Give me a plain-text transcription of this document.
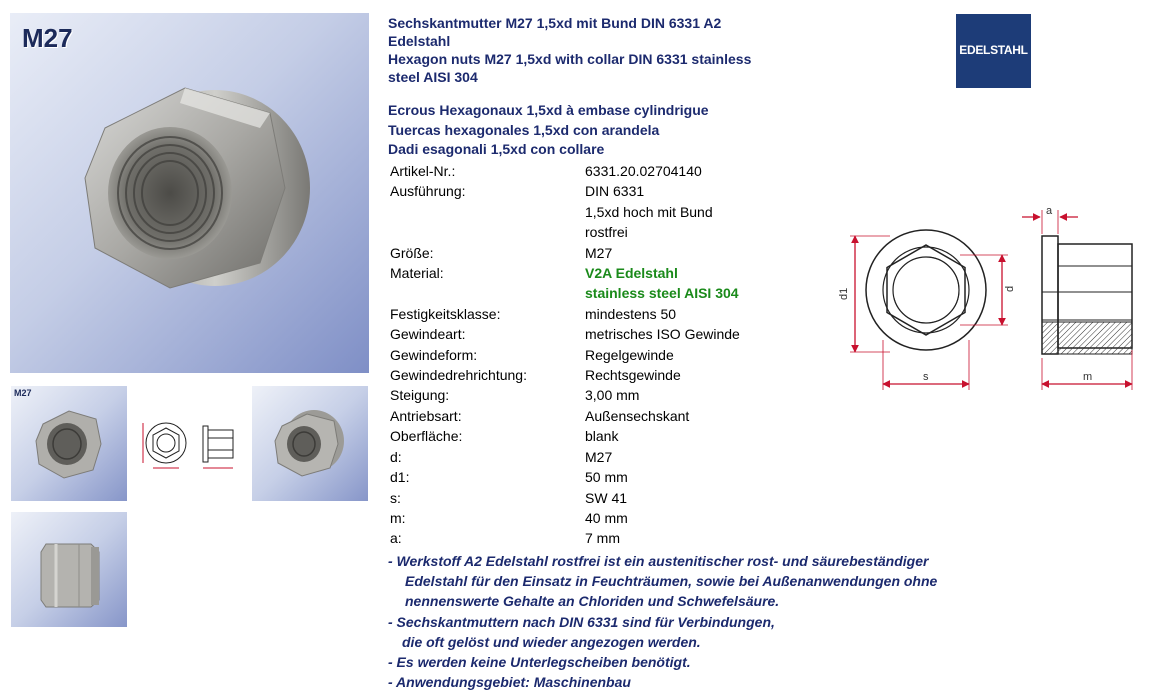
M27
M27
Sechskantmutter M27 1,5xd mit Bund DIN 6331 A2
Edelstahl
Hexagon nuts M27 1,5xd with collar DIN 6331 stainless
steel AISI 304
EDELSTAHL
Ecrous Hexagonaux 1,5xd à embase cylindrigue
Tuercas hexagonales 1,5xd con arandela
Dadi esagonali 1,5xd con collare
Artikel-Nr.:	6331.20.02704140
Ausführung:	DIN 6331
1,5xd hoch mit Bund
rostfrei
Größe:	M27
Material:	V2A Edelstahl
stainless steel AISI 304
Festigkeitsklasse:	mindestens 50
Gewindeart:	metrisches ISO Gewinde
Gewindeform:	Regelgewinde
Gewindedrehrichtung:	Rechtsgewinde
Steigung:	3,00 mm
Antriebsart:	Außensechskant
Oberfläche:	blank
d:	M27
d1:	50 mm
s:	SW 41
m:	40 mm
a:	7 mm
d1	d
s	m
a
- Werkstoff A2 Edelstahl rostfrei ist ein austenitischer rost- und säurebeständiger
Edelstahl für den Einsatz in Feuchträumen, sowie bei Außenanwendungen ohne
nennenswerte Gehalte an Chloriden und Schwefelsäure.
- Sechskantmuttern nach DIN 6331 sind für Verbindungen,
die oft gelöst und wieder angezogen werden.
- Es werden keine Unterlegscheiben benötigt.
- Anwendungsgebiet: Maschinenbau
